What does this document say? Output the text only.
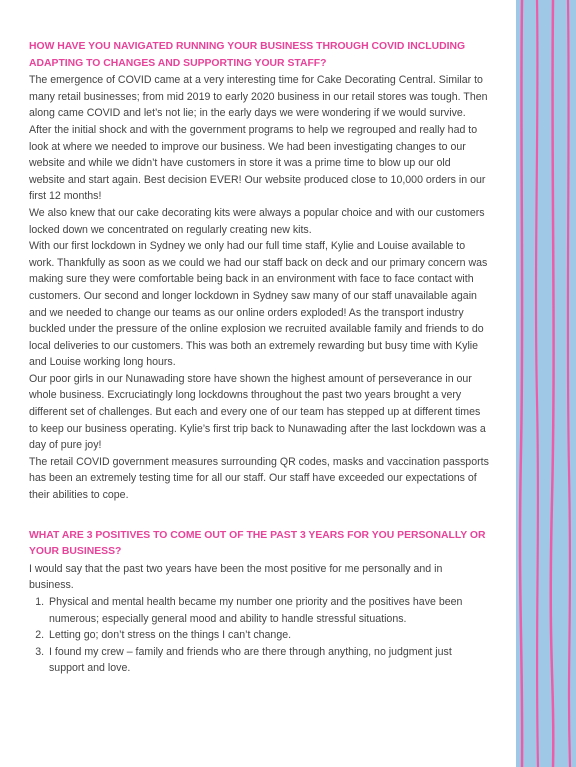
HOW HAVE YOU NAVIGATED RUNNING YOUR BUSINESS THROUGH COVID INCLUDING ADAPTING TO CHANGES AND SUPPORTING YOUR STAFF?

The emergence of COVID came at a very interesting time for Cake Decorating Central. Similar to many retail businesses; from mid 2019 to early 2020 business in our retail stores was tough. Then along came COVID and let’s not lie; in the early days we were wondering if we would survive. After the initial shock and with the government programs to help we regrouped and really had to look at where we needed to improve our business. We had been investigating changes to our website and while we didn’t have customers in store it was a prime time to blow up our old website and start again. Best decision EVER! Our website produced close to 10,000 orders in our first 12 months!

We also knew that our cake decorating kits were always a popular choice and with our customers locked down we concentrated on regularly creating new kits.

With our first lockdown in Sydney we only had our full time staff, Kylie and Louise available to work. Thankfully as soon as we could we had our staff back on deck and our primary concern was making sure they were comfortable being back in an environment with face to face contact with customers. Our second and longer lockdown in Sydney saw many of our staff unavailable again and we needed to change our teams as our online orders exploded! As the transport industry buckled under the pressure of the online explosion we recruited available family and friends to do local deliveries to our customers. This was both an extremely rewarding but busy time with Kylie and Louise working long hours.

Our poor girls in our Nunawading store have shown the highest amount of perseverance in our whole business. Excruciatingly long lockdowns throughout the past two years brought a very different set of challenges. But each and every one of our team has stepped up at different times to keep our business operating. Kylie’s first trip back to Nunawading after the last lockdown was a day of pure joy!

The retail COVID government measures surrounding QR codes, masks and vaccination passports has been an extremely testing time for all our staff. Our staff have exceeded our expectations of their abilities to cope.

WHAT ARE 3 POSITIVES TO COME OUT OF THE PAST 3 YEARS FOR YOU PERSONALLY OR YOUR BUSINESS?

I would say that the past two years have been the most positive for me personally and in business.

1. Physical and mental health became my number one priority and the positives have been numerous; especially general mood and ability to handle stressful situations.
2. Letting go; don’t stress on the things I can’t change.
3. I found my crew – family and friends who are there through anything, no judgment just support and love.
